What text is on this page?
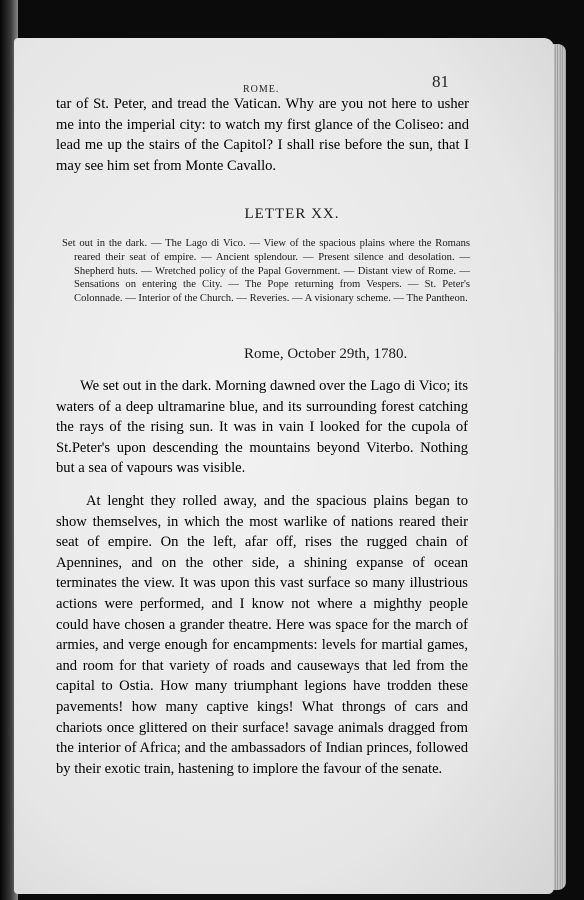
ROME.	81

tar of St. Peter, and tread the Vatican. Why are you not here to usher me into the imperial city: to watch my first glance of the Coliseo: and lead me up the stairs of the Capitol? I shall rise before the sun, that I may see him set from Monte Cavallo.

LETTER XX.

Set out in the dark. — The Lago di Vico. — View of the spacious plains where the Romans reared their seat of empire. — Ancient splendour. — Present silence and desolation. — Shepherd huts. — Wretched policy of the Papal Government. — Distant view of Rome. — Sensations on entering the City. — The Pope returning from Vespers. — St. Peter's Colonnade. — Interior of the Church. — Reveries. — A visionary scheme. — The Pantheon.

Rome, October 29th, 1780.

We set out in the dark. Morning dawned over the Lago di Vico; its waters of a deep ultramarine blue, and its surrounding forest catching the rays of the rising sun. It was in vain I looked for the cupola of St.Peter's upon descending the mountains beyond Viterbo. Nothing but a sea of vapours was visible.

At lenght they rolled away, and the spacious plains began to show themselves, in which the most warlike of nations reared their seat of empire. On the left, afar off, rises the rugged chain of Apennines, and on the other side, a shining expanse of ocean terminates the view. It was upon this vast surface so many illustrious actions were performed, and I know not where a mighthy people could have chosen a grander theatre. Here was space for the march of armies, and verge enough for encampments: levels for martial games, and room for that variety of roads and causeways that led from the capital to Ostia. How many triumphant legions have trodden these pavements! how many captive kings! What throngs of cars and chariots once glittered on their surface! savage animals dragged from the interior of Africa; and the ambassadors of Indian princes, followed by their exotic train, hastening to implore the favour of the senate.
